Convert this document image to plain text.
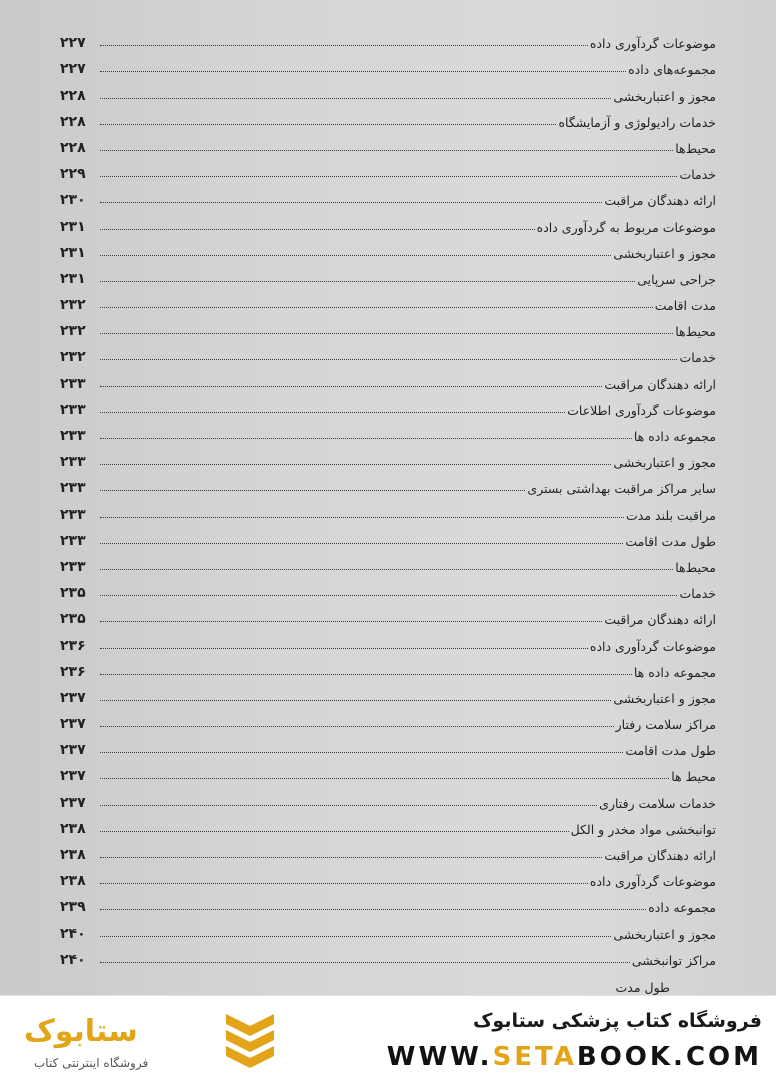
موضوعات گردآوری داده
۲۲۷
مجموعه‌های داده
۲۲۷
مجوز و اعتباربخشی
۲۲۸
خدمات رادیولوژی و آزمایشگاه
۲۲۸
محیط‌ها
۲۲۸
خدمات
۲۲۹
ارائه دهندگان مراقبت
۲۳۰
موضوعات مربوط به گردآوری داده
۲۳۱
مجوز و اعتباربخشی
۲۳۱
جراحی سرپایی
۲۳۱
مدت اقامت
۲۳۲
محیط‌ها
۲۳۲
خدمات
۲۳۲
ارائه دهندگان مراقبت
۲۳۳
موضوعات گردآوری اطلاعات
۲۳۳
مجموعه داده ها
۲۳۳
مجوز و اعتباربخشی
۲۳۳
سایر مراکز مراقبت بهداشتی بستری
۲۳۳
مراقبت بلند مدت
۲۳۳
طول مدت اقامت
۲۳۳
محیط‌ها
۲۳۳
خدمات
۲۳۵
ارائه دهندگان مراقبت
۲۳۵
موضوعات گردآوری داده
۲۳۶
مجموعه داده ها
۲۳۶
مجوز و اعتباربخشی
۲۳۷
مراکز سلامت رفتار
۲۳۷
طول مدت اقامت
۲۳۷
محیط ها
۲۳۷
خدمات سلامت رفتاری
۲۳۷
توانبخشی مواد مخدر و الکل
۲۳۸
ارائه دهندگان مراقبت
۲۳۸
موضوعات گردآوری داده
۲۳۸
مجموعه داده
۲۳۹
مجوز و اعتباربخشی
۲۴۰
مراکز توانبخشی
۲۴۰
طول مدت
فروشگاه کتاب پزشکی ستابوک
WWW.SETABOOK.COM
ستابوک
فروشگاه اینترنتی کتاب
